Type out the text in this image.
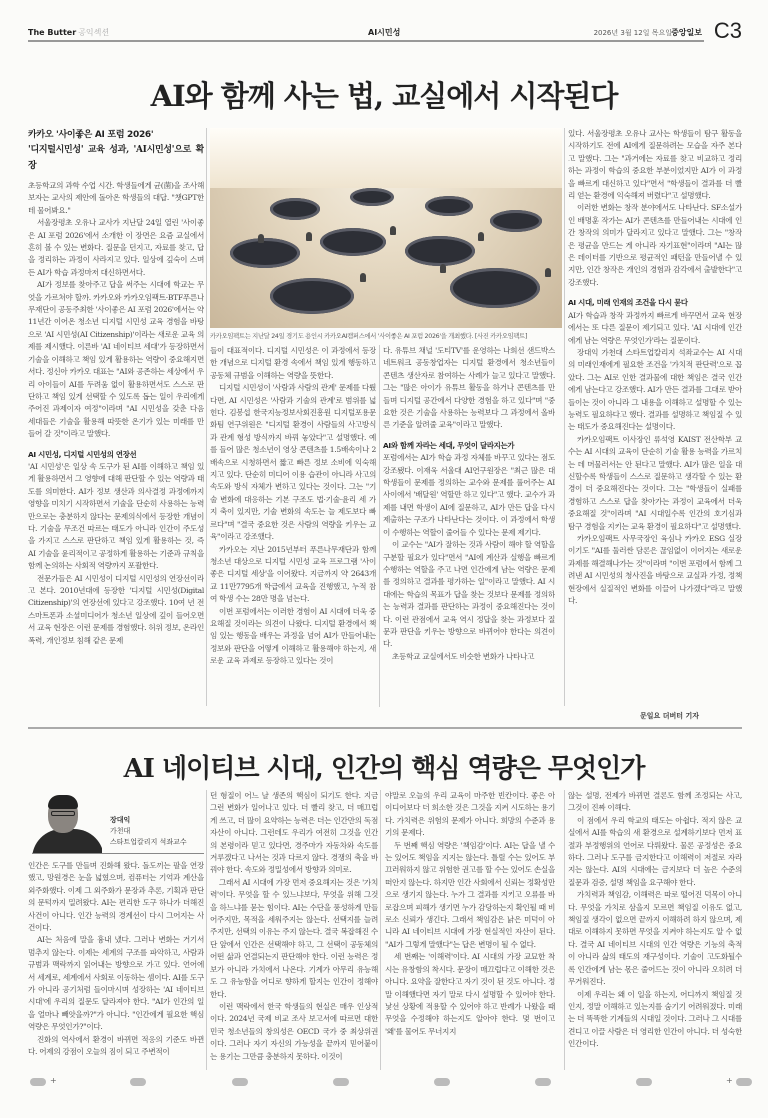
The Butter 공익섹션	AI시민성	2026년 3월 12일 목요일 중앙일보 C3
AI와 함께 사는 법, 교실에서 시작된다
카카오 '사이좋은 AI 포럼 2026'
'디지털시민성' 교육 성과, 'AI시민성'으로 확장

초등학교의 과학 수업 시간. 학생들에게 균(菌)을 조사해 보자는 교사의 제안에 돌아온 학생들의 대답. "챗GPT한테 물어봐요."

서울장평초 오유나 교사가 지난달 24일 열린 '사이좋은 AI 포럼 2026'에서 소개한 이 장면은 요즘 교실에서 흔히 볼 수 있는 변화다. 질문을 던지고, 자료를 찾고, 답을 정리하는 과정이 사라지고 있다. 일상에 깊숙이 스며든 AI가 학습 과정마저 대신하면서다.

AI가 정보를 찾아주고 답을 써주는 시대에 학교는 무엇을 가르쳐야 할까. 카카오와 카카오임팩트·BTF푸른나무재단이 공동주최한 '사이좋은 AI 포럼 2026'에서는 약 11년간 이어온 청소년 디지털 시민성 교육 경험을 바탕으로 'AI 시민성(AI Citizenship)'이라는 새로운 교육 의제를 제시했다. 이른바 'AI 네이티브 세대'가 등장하면서 기술을 이해하고 책임 있게 활용하는 역량이 중요해지면서다. 정신아 카카오 대표는 "AI와 공존하는 세상에서 우리 아이들이 AI를 두려움 없이 활용하면서도 스스로 판단하고 책임 있게 선택할 수 있도록 돕는 일이 우리에게 주어진 과제이자 여정"이라며 "AI 시민성을 갖춘 다음 세대들은 기술을 활용해 따뜻한 온기가 있는 미래를 만들어 갈 것"이라고 말했다.

AI 시민성, 디지털 시민성의 연장선

'AI 시민성'은 일상 속 도구가 된 AI를 이해하고 책임 있게 활용하면서 그 영향에 대해 판단할 수 있는 역량과 태도를 의미한다. AI가 정보 생산과 의사결정 과정에까지 영향을 미치기 시작하면서 기술을 단순히 사용하는 능력만으로는 충분하지 않다는 문제의식에서 등장한 개념이다. 기술을 무조건 따르는 태도가 아니라 인간이 주도성을 가지고 스스로 판단하고 책임 있게 활용하는 것, 즉 AI 기술을 윤리적이고 공정하게 활용하는 기준과 규칙을 함께 논의하는 사회적 역량까지 포괄한다.

전문가들은 AI 시민성이 디지털 시민성의 연장선이라고 본다. 2010년대에 등장한 '디지털 시민성(Digital Citizenship)'의 연장선에 있다고 강조했다. 10여 년 전 스마트폰과 소셜미디어가 청소년 일상에 깊이 들어오면서 교육 현장은 이런 문제를 경험했다. 허위 정보, 온라인 폭력, 개인정보 침해 같은 문제

카카오임팩트는 지난달 24일 경기도 용인시 카카오AI캠퍼스에서 '사이좋은 AI 포럼 2026'을 개최했다. [사진 카카오임팩트]

들이 대표적이다. 디지털 시민성은 이 과정에서 등장한 개념으로 디지털 환경 속에서 책임 있게 행동하고 공동체 규범을 이해하는 역량을 뜻한다.

디지털 시민성이 '사람과 사람의 관계' 문제를 다뤘다면, AI 시민성은 '사람과 기술의 관계'로 범위를 넓힌다. 김봉섭 한국지능정보사회진흥원 디지털포용문화팀 연구위원은 "디지털 환경이 사람들의 사고방식과 관계 형성 방식까지 바꿔 놓았다"고 설명했다. 예를 들어 많은 청소년이 영상 콘텐츠를 1.5배속이나 2배속으로 시청하면서 짧고 빠른 정보 소비에 익숙해지고 있다. 단순히 미디어 이용 습관이 아니라 사고의 속도와 방식 자체가 변하고 있다는 것이다. 그는 "기술 변화에 대응하는 기본 구조도 법·기술·윤리 세 가지 축이 있지만, 기술 변화의 속도는 늘 제도보다 빠르다"며 "결국 중요한 것은 사람의 역량을 키우는 교육"이라고 강조했다.

카카오는 지난 2015년부터 푸른나무재단과 함께 청소년 대상으로 디지털 시민성 교육 프로그램 '사이좋은 디지털 세상'을 이어왔다. 지금까지 약 2643개교 11만7795개 학급에서 교육을 진행했고, 누적 참여 학생 수는 28만 명을 넘는다.

이번 포럼에서는 이러한 경험이 AI 시대에 더욱 중요해질 것이라는 의견이 나왔다. 디지털 환경에서 책임 있는 행동을 배우는 과정을 넘어 AI가 만들어내는 정보와 판단을 어떻게 이해하고 활용해야 하는지, 새로운 교육 과제로 등장하고 있다는 것이

다. 유튜브 채널 '도티TV'를 운영하는 나희선 샌드박스네트워크 공동창업자는 디지털 환경에서 청소년들이 콘텐츠 생산자로 참여하는 사례가 늘고 있다고 말했다. 그는 "많은 아이가 유튜브 활동을 하거나 콘텐츠를 만들며 디지털 공간에서 다양한 경험을 하고 있다"며 "중요한 것은 기술을 사용하는 능력보다 그 과정에서 올바른 기준을 알려줄 교육"이라고 말했다.

AI와 함께 자라는 세대, 무엇이 달라지는가

포럼에서는 AI가 학습 과정 자체를 바꾸고 있다는 점도 강조됐다. 이재욱 서울대 AI연구원장은 "최근 많은 대학생들이 문제를 정의하는 교수와 문제를 풀어주는 AI 사이에서 '배달원' 역할만 하고 있다"고 했다. 교수가 과제를 내면 학생이 AI에 질문하고, AI가 만든 답을 다시 제출하는 구조가 나타난다는 것이다. 이 과정에서 학생이 수행하는 역할이 줄어들 수 있다는 문제 제기다.

이 교수는 "AI가 잘하는 것과 사람이 해야 할 역할을 구분할 필요가 있다"면서 "AI에 계산과 실행을 빠르게 수행하는 역할을 주고 나면 인간에게 남는 역량은 문제를 정의하고 결과를 평가하는 일"이라고 말했다. AI 시대에는 학습의 목표가 답을 찾는 것보다 문제를 정의하는 능력과 결과를 판단하는 과정이 중요해진다는 것이다. 이런 관점에서 교육 역시 정답을 찾는 과정보다 질문과 판단을 키우는 방향으로 바뀌어야 한다는 의견이다.

초등학교 교실에서도 비슷한 변화가 나타나고

있다. 서울장평초 오유나 교사는 학생들이 탐구 활동을 시작하기도 전에 AI에게 질문하려는 모습을 자주 본다고 말했다. 그는 "과거에는 자료를 찾고 비교하고 정리하는 과정이 학습의 중요한 부분이었지만 AI가 이 과정을 빠르게 대신하고 있다"면서 "학생들이 결과를 더 빨리 얻는 환경에 익숙해져 버렸다"고 설명했다.

이러한 변화는 창작 분야에서도 나타난다. SF소설가인 배명훈 작가는 AI가 콘텐츠를 만들어내는 시대에 인간 창작의 의미가 달라지고 있다고 말했다. 그는 "창작은 평균을 만드는 게 아니라 자기표현"이라며 "AI는 많은 데이터를 기반으로 평균적인 패턴을 만들어낼 수 있지만, 인간 창작은 개인의 경험과 감각에서 출발한다"고 강조했다.

AI 시대, 미래 인재의 조건을 다시 묻다

AI가 학습과 창작 과정까지 빠르게 바꾸면서 교육 현장에서는 또 다른 질문이 제기되고 있다. 'AI 시대에 인간에게 남는 역량은 무엇인가'라는 질문이다.

장대익 가천대 스타트업칼리지 석좌교수는 AI 시대의 미래인재에게 필요한 조건을 '가치적 판단력'으로 꼽았다. 그는 AI로 인한 결과물에 대한 책임은 결국 인간에게 남는다고 강조했다. AI가 만든 결과를 그대로 받아들이는 것이 아니라 그 내용을 이해하고 설명할 수 있는 능력도 필요하다고 했다. 결과를 설명하고 책임질 수 있는 태도가 중요해진다는 설명이다.

카카오임팩트 이사장인 류석영 KAIST 전산학부 교수는 AI 시대의 교육이 단순히 기술 활용 능력을 가르치는 데 머물러서는 안 된다고 말했다. AI가 많은 일을 대신할수록 학생들이 스스로 질문하고 생각할 수 있는 환경이 더 중요해진다는 것이다. 그는 "학생들이 실패를 경험하고 스스로 답을 찾아가는 과정이 교육에서 더욱 중요해질 것"이라며 "AI 시대일수록 인간의 호기심과 탐구 경험을 지키는 교육 환경이 필요하다"고 설명했다.

카카오임팩트 사무국장인 육심나 카카오 ESG 실장이기도 "AI를 둘러싼 담론은 끊임없이 이어지는 새로운 과제를 해결해나가는 것"이라며 "이번 포럼에서 함께 그려낸 AI 시민성의 청사진을 바탕으로 교실과 가정, 정책 현장에서 실질적인 변화를 이끌어 나가겠다"라고 말했다.

문일요 더버터 기자
AI 네이티브 시대, 인간의 핵심 역량은 무엇인가
장대익
가천대
스타트업칼리지 석좌교수

인간은 도구를 만들며 진화해 왔다. 돌도끼는 팔을 연장했고, 망원경은 눈을 넓혔으며, 컴퓨터는 기억과 계산을 외주화했다. 이제 그 외주화가 문장과 추론, 기획과 판단의 문턱까지 밀려왔다. AI는 편리한 도구 하나가 더해진 사건이 아니다. 인간 능력의 경계선이 다시 그어지는 사건이다.

AI는 처음에 말을 흉내 냈다. 그러나 변화는 거기서 멈추지 않는다. 이제는 세계의 구조를 파악하고, 사람과 규범과 맥락까지 읽어내는 방향으로 가고 있다. 언어에서 세계로, 세계에서 사회로 이동하는 셈이다. AI를 도구가 아니라 공기처럼 들이마시며 성장하는 'AI 네이티브 시대'에 우리의 질문도 달라져야 한다. "AI가 인간의 일을 얼마나 빼앗을까?"가 아니다. "인간에게 필요한 핵심 역량은 무엇인가?"이다.

진화의 역사에서 환경이 바뀌면 적응의 기준도 바뀐다. 어제의 강점이 오늘의 짐이 되고 주변적이

던 형질이 어느 날 생존의 핵심이 되기도 한다. 지금 그런 변화가 일어나고 있다. 더 빨리 찾고, 더 매끄럽게 쓰고, 더 많이 요약하는 능력은 더는 인간만의 독점 자산이 아니다. 그런데도 우리가 여전히 그것을 인간의 본령이라 믿고 있다면, 경주마가 자동차와 속도를 겨루겠다고 나서는 것과 다르지 않다. 경쟁의 축을 바꿔야 한다. 속도와 정밀성에서 방향과 의미로.

그래서 AI 시대에 가장 먼저 중요해지는 것은 '가치력'이다. 무엇을 할 수 있느냐보다, 무엇을 위해 그것을 하느냐를 묻는 힘이다. AI는 수단을 풍성하게 만들어주지만, 목적을 세워주지는 않는다. 선택지를 늘려주지만, 선택의 이유는 주지 않는다. 결국 복잡해진 수단 앞에서 인간은 선택해야 하고, 그 선택이 공동체의 어떤 삶과 연결되는지 판단해야 한다. 이런 능력은 정보가 아니라 가치에서 나온다. 기계가 아무리 유능해도 그 유능함을 어디로 향하게 할지는 인간이 정해야 한다.

이런 맥락에서 한국 학생들의 현실은 매우 인상적이다. 2024년 국제 비교 조사 보고서에 따르면 대한민국 청소년들의 창의성은 OECD 국가 중 최상위권이다. 그러나 자기 자신의 가능성을 끝까지 믿어붙이는 용기는 그만큼 충분하지 못하다. 이것이

야말로 오늘의 우리 교육이 마주한 빈칸이다. 좋은 아이디어보다 더 희소한 것은 그것을 지켜 시도하는 용기다. 가치력은 위험의 문제가 아니다. 희망의 수준과 용기의 문제다.

두 번째 핵심 역량은 '책임감'이다. AI는 답을 낼 수는 있어도 책임을 지지는 않는다. 틀릴 수는 있어도 부끄러워하지 않고 위험한 권고를 할 수는 있어도 손실을 떠안지 않는다. 하지만 인간 사회에서 신뢰는 정확성만으로 생기지 않는다. 누가 그 결과를 지키고 오류를 바로잡으며 피해가 생기면 누가 감당하는지 확인될 때 비로소 신뢰가 생긴다. 그래서 책임감은 낡은 미덕이 아니라 AI 네이티브 시대에 가장 현실적인 자산이 된다. "AI가 그렇게 말했다"는 답은 변명이 될 수 없다.

세 번째는 '이해력'이다. AI 시대의 가장 교묘한 착시는 유창함의 착시다. 문장이 매끄럽다고 이해한 것은 아니다. 요약을 잘한다고 자기 것이 된 것도 아니다. 정말 이해했다면 자기 말로 다시 설명할 수 있어야 한다. 낯선 상황에 적용할 수 있어야 하고 반례가 나왔을 때 무엇을 수정해야 하는지도 알아야 한다. 몇 번이고 '왜'를 물어도 무너지지

않는 설명, 전제가 바뀌면 결론도 함께 조정되는 사고, 그것이 진짜 이해다.

이 점에서 우리 학교의 태도는 아쉽다. 적지 않은 교실에서 AI를 학습의 새 환경으로 설계하기보다 먼저 표절과 부정행위의 언어로 다뤄왔다. 물론 공정성은 중요하다. 그러나 도구를 금지한다고 이해력이 저절로 자라지는 않는다. AI의 시대에는 금지보다 더 높은 수준의 질문과 검증, 설명 책임을 요구해야 한다.

가치력과 책임감, 이해력은 따로 떨어진 덕목이 아니다. 무엇을 가치로 삼을지 모르면 책임질 이유도 없고, 책임질 생각이 없으면 끝까지 이해하려 하지 않으며, 제대로 이해하지 못하면 무엇을 지켜야 하는지도 알 수 없다. 결국 AI 네이티브 시대의 인간 역량은 기능의 축적이 아니라 삶의 태도의 재구성이다. 기술이 고도화될수록 인간에게 남는 몫은 줄어드는 것이 아니라 오히려 더 무거워진다.

이제 우리는 왜 이 일을 하는지, 어디까지 책임질 것인지, 정말 이해하고 있는지를 숨기기 어려워졌다. 미래는 더 똑똑한 기계들의 시대일 것이다. 그러나 그 시대를 견디고 이끌 사람은 더 영리한 인간이 아니다. 더 성숙한 인간이다.

+	+
